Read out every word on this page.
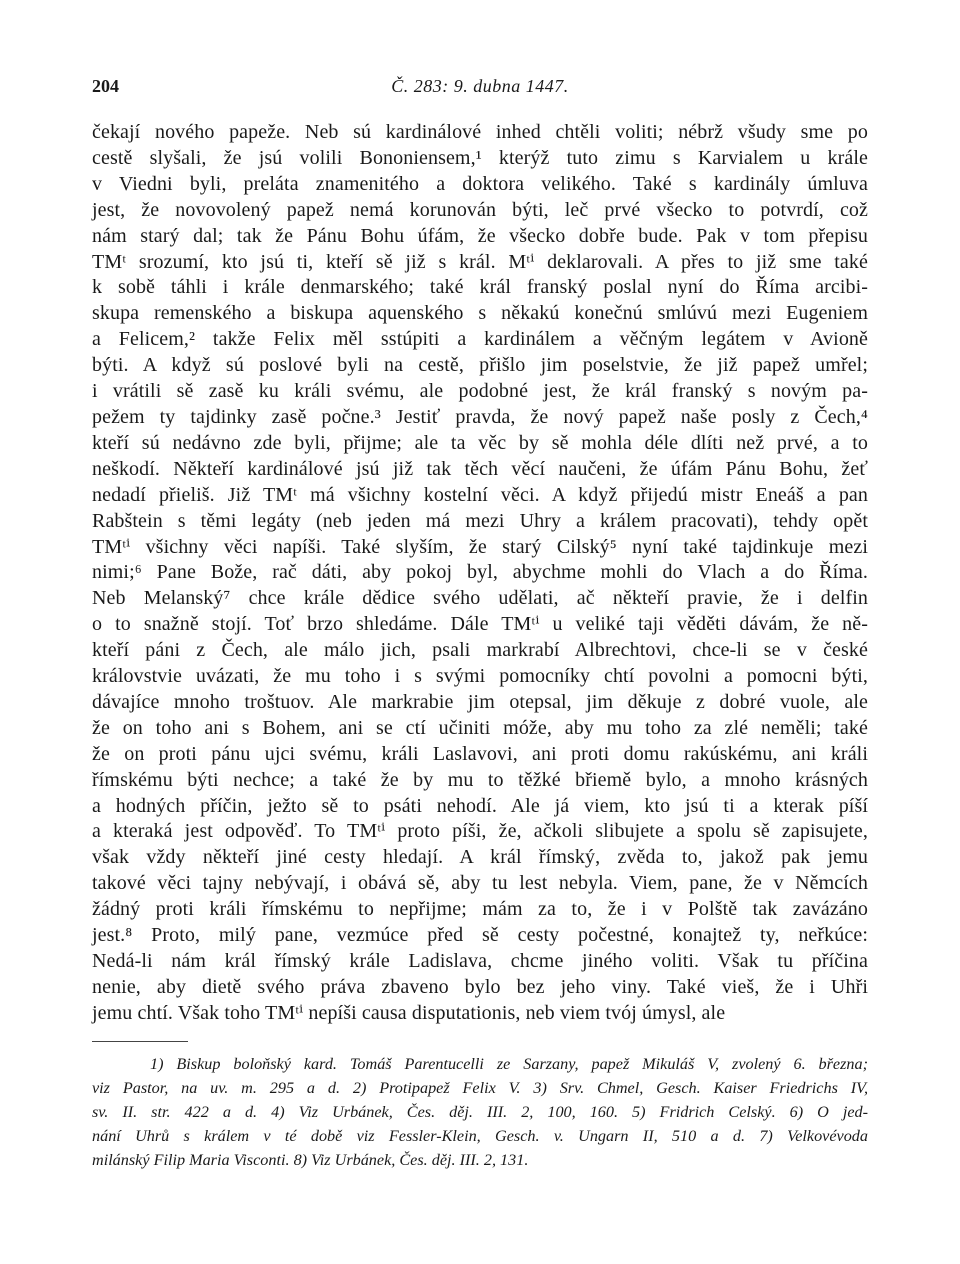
204	Č. 283: 9. dubna 1447.
čekají nového papeže. Neb sú kardinálové inhed chtěli voliti; nébrž všudy sme po
cestě slyšali, že jsú volili Bononiensem,¹ kterýž tuto zimu s Karvialem u krále
v Viedni byli, preláta znamenitého a doktora velikého. Také s kardinály úmluva
jest, že novovolený papež nemá korunován býti, leč prvé všecko to potvrdí, což
nám starý dal; tak že Pánu Bohu úfám, že všecko dobře bude. Pak v tom přepisu
TMᵗ srozumí, kto jsú ti, kteří sě již s král. Mᵗⁱ deklarovali. A přes to již sme také
k sobě táhli i krále denmarského; také král franský poslal nyní do Říma arcibi-
skupa remenského a biskupa aquenského s někakú konečnú smlúvú mezi Eugeniem
a Felicem,² takže Felix měl sstúpiti a kardinálem a věčným legátem v Avioně
býti. A když sú poslové byli na cestě, přišlo jim poselstvie, že již papež umřel;
i vrátili sě zasě ku králi svému, ale podobné jest, že král franský s novým pa-
pežem ty tajdinky zasě počne.³ Jestiť pravda, že nový papež naše posly z Čech,⁴
kteří sú nedávno zde byli, přijme; ale ta věc by sě mohla déle dlíti než prvé, a to
neškodí. Někteří kardinálové jsú již tak těch věcí naučeni, že úfám Pánu Bohu, žeť
nedadí přieliš. Již TMᵗ má všichny kostelní věci. A když přijedú mistr Eneáš a pan
Rabštein s těmi legáty (neb jeden má mezi Uhry a králem pracovati), tehdy opět
TMᵗⁱ všichny věci napíši. Také slyším, že starý Cilský⁵ nyní také tajdinkuje mezi
nimi;⁶ Pane Bože, rač dáti, aby pokoj byl, abychme mohli do Vlach a do Říma.
Neb Melanský⁷ chce krále dědice svého udělati, ač někteří pravie, že i delfin
o to snažně stojí. Toť brzo shledáme. Dále TMᵗⁱ u veliké taji věděti dávám, že ně-
kteří páni z Čech, ale málo jich, psali markrabí Albrechtovi, chce-li se v české
královstvie uvázati, že mu toho i s svými pomocníky chtí povolni a pomocni býti,
dávajíce mnoho troštuov. Ale markrabie jim otepsal, jim děkuje z dobré vuole, ale
že on toho ani s Bohem, ani se ctí učiniti móže, aby mu toho za zlé neměli; také
že on proti pánu ujci svému, králi Laslavovi, ani proti domu rakúskému, ani králi
římskému býti nechce; a také že by mu to těžké břiemě bylo, a mnoho krásných
a hodných příčin, ježto sě to psáti nehodí. Ale já viem, kto jsú ti a kterak píší
a kteraká jest odpověď. To TMᵗⁱ proto píši, že, ačkoli slibujete a spolu sě zapisujete,
však vždy někteří jiné cesty hledají. A král římský, zvěda to, jakož pak jemu
takové věci tajny nebývají, i obává sě, aby tu lest nebyla. Viem, pane, že v Němcích
žádný proti králi římskému to nepřijme; mám za to, že i v Polště tak zavázáno
jest.⁸ Proto, milý pane, vezmúce před sě cesty počestné, konajtež ty, neřkúce:
Nedá-li nám král římský krále Ladislava, chcme jiného voliti. Však tu příčina
nenie, aby dietě svého práva zbaveno bylo bez jeho viny. Také vieš, že i Uhři
jemu chtí. Však toho TMᵗⁱ nepíši causa disputationis, neb viem tvój úmysl, ale
1) Biskup boloňský kard. Tomáš Parentucelli ze Sarzany, papež Mikuláš V, zvolený 6. března;
viz Pastor, na uv. m. 295 a d. 2) Protipapež Felix V. 3) Srv. Chmel, Gesch. Kaiser Friedrichs IV,
sv. II. str. 422 a d. 4) Viz Urbánek, Čes. děj. III. 2, 100, 160. 5) Fridrich Celský. 6) O jed-
nání Uhrů s králem v té době viz Fessler-Klein, Gesch. v. Ungarn II, 510 a d. 7) Velkovévoda
milánský Filip Maria Visconti. 8) Viz Urbánek, Čes. děj. III. 2, 131.
